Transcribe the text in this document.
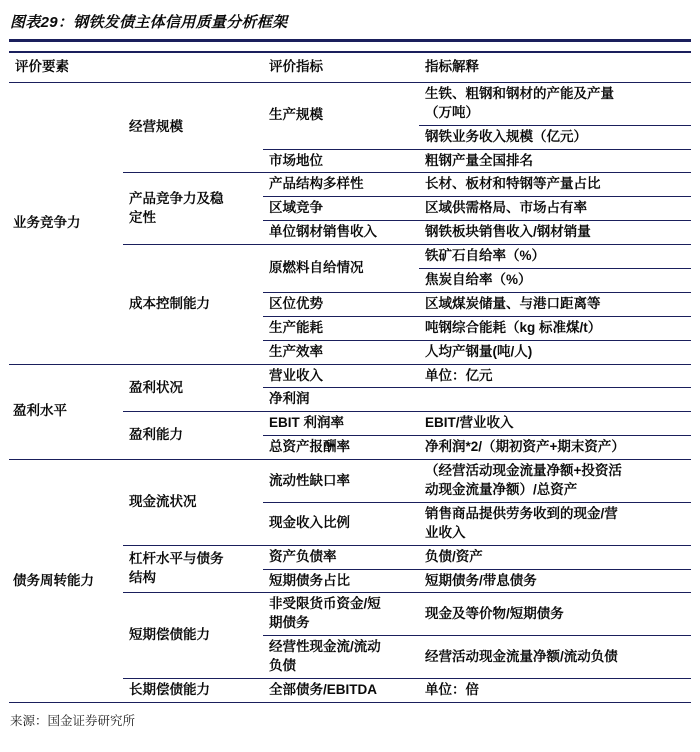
图表29：钢铁发债主体信用质量分析框架
评价要素		评价指标	指标解释
业务竞争力	经营规模	生产规模	生铁、粗钢和钢材的产能及产量（万吨）
			钢铁业务收入规模（亿元）
		市场地位	粗钢产量全国排名
	产品竞争力及稳定性	产品结构多样性	长材、板材和特钢等产量占比
		区域竞争	区域供需格局、市场占有率
		单位钢材销售收入	钢铁板块销售收入/钢材销量
	成本控制能力	原燃料自给情况	铁矿石自给率（%）
			焦炭自给率（%）
		区位优势	区域煤炭储量、与港口距离等
		生产能耗	吨钢综合能耗（kg 标准煤/t）
		生产效率	人均产钢量(吨/人)
盈利水平	盈利状况	营业收入	单位：亿元
		净利润	
	盈利能力	EBIT 利润率	EBIT/营业收入
		总资产报酬率	净利润*2/（期初资产+期末资产）
债务周转能力	现金流状况	流动性缺口率	（经营活动现金流量净额+投资活动现金流量净额）/总资产
		现金收入比例	销售商品提供劳务收到的现金/营业收入
	杠杆水平与债务结构	资产负债率	负债/资产
		短期债务占比	短期债务/带息债务
	短期偿债能力	非受限货币资金/短期债务	现金及等价物/短期债务
		经营性现金流/流动负债	经营活动现金流量净额/流动负债
	长期偿债能力	全部债务/EBITDA	单位：倍
来源：国金证券研究所
